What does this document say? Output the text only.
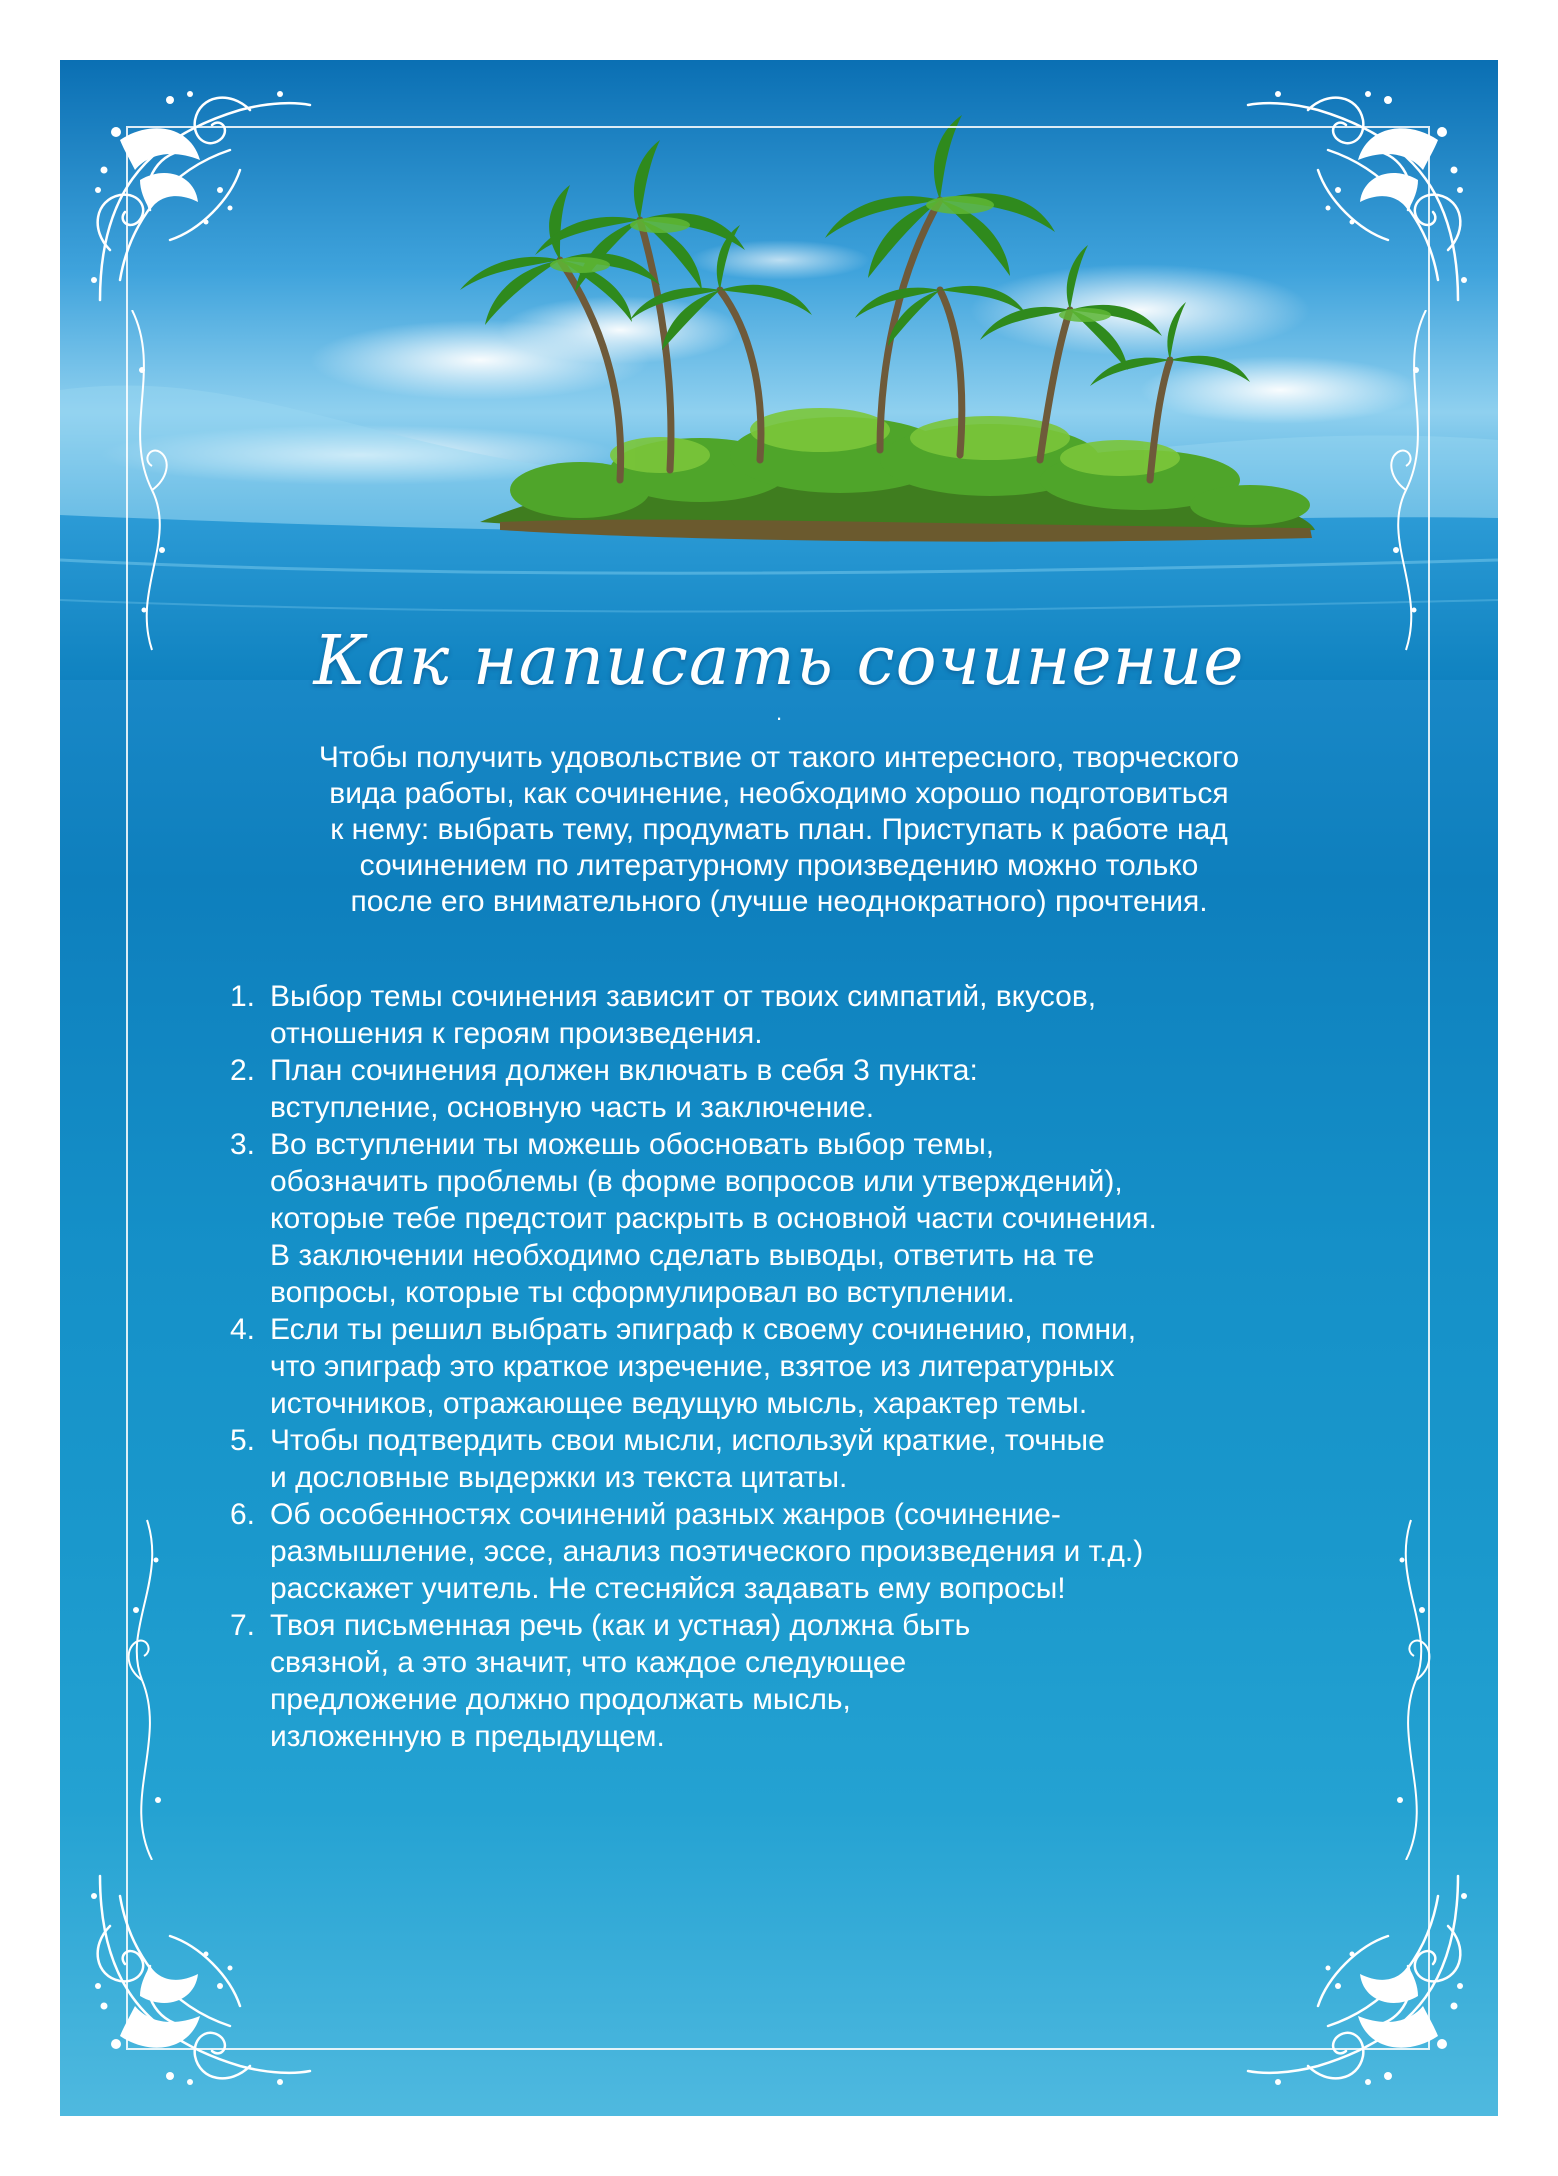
Как написать сочинение
.
Чтобы получить удовольствие от такого интересного, творческого
вида работы, как сочинение, необходимо хорошо подготовиться
к нему: выбрать тему, продумать план. Приступать к работе над
сочинением по литературному произведению можно только
после его внимательного (лучше неоднократного) прочтения.
1. Выбор темы сочинения зависит от твоих симпатий, вкусов,
отношения к героям произведения.
2. План сочинения должен включать в себя 3 пункта:
вступление, основную часть и заключение.
3. Во вступлении ты можешь обосновать выбор темы,
обозначить проблемы (в форме вопросов или утверждений),
которые тебе предстоит раскрыть в основной части сочинения.
В заключении необходимо сделать выводы, ответить на те
вопросы, которые ты сформулировал во вступлении.
4. Если ты решил выбрать эпиграф к своему сочинению, помни,
что эпиграф это краткое изречение, взятое из литературных
источников, отражающее ведущую мысль, характер темы.
5. Чтобы подтвердить свои мысли, используй краткие, точные
и дословные выдержки из текста цитаты.
6. Об особенностях сочинений разных жанров (сочинение-
размышление, эссе, анализ поэтического произведения и т.д.)
расскажет учитель. Не стесняйся задавать ему вопросы!
7. Твоя письменная речь (как и устная) должна быть
связной, а это значит, что каждое следующее
предложение должно продолжать мысль,
изложенную в предыдущем.
